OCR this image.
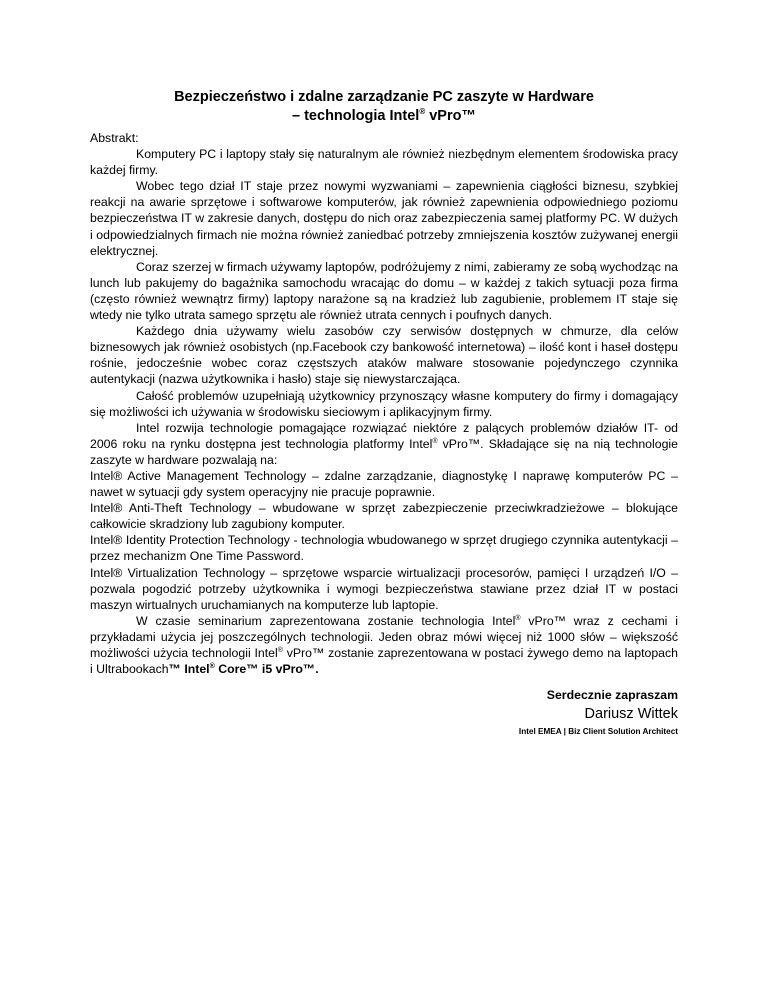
Bezpieczeństwo i zdalne zarządzanie PC zaszyte w Hardware
– technologia Intel® vPro™

Abstrakt:

Komputery PC i laptopy stały się naturalnym ale również niezbędnym elementem środowiska pracy każdej firmy.

Wobec tego dział IT staje przez nowymi wyzwaniami – zapewnienia ciągłości biznesu, szybkiej reakcji na awarie sprzętowe i softwarowe komputerów, jak również zapewnienia odpowiedniego poziomu bezpieczeństwa IT w zakresie danych, dostępu do nich oraz zabezpieczenia samej platformy PC. W dużych i odpowiedzialnych firmach nie można również zaniedbać potrzeby zmniejszenia kosztów zużywanej energii elektrycznej.

Coraz szerzej w firmach używamy laptopów, podróżujemy z nimi, zabieramy ze sobą wychodząc na lunch lub pakujemy do bagażnika samochodu wracając do domu – w każdej z takich sytuacji poza firma (często również wewnątrz firmy) laptopy narażone są na kradzież lub zagubienie, problemem IT staje się wtedy nie tylko utrata samego sprzętu ale również utrata cennych i poufnych danych.

Każdego dnia używamy wielu zasobów czy serwisów dostępnych w chmurze, dla celów biznesowych jak również osobistych (np.Facebook czy bankowość internetowa) – ilość kont i haseł dostępu rośnie, jedocześnie wobec coraz częstszych ataków malware stosowanie pojedynczego czynnika autentykacji (nazwa użytkownika i hasło) staje się niewystarczająca.

Całość problemów uzupełniają użytkownicy przynoszący własne komputery do firmy i domagający się możliwości ich używania w środowisku sieciowym i aplikacyjnym firmy.

Intel rozwija technologie pomagające rozwiązać niektóre z palących problemów działów IT- od 2006 roku na rynku dostępna jest technologia platformy Intel® vPro™. Składające się na nią technologie zaszyte w hardware pozwalają na:

Intel® Active Management Technology – zdalne zarządzanie, diagnostykę I naprawę komputerów PC –nawet w sytuacji gdy system operacyjny nie pracuje poprawnie.

Intel® Anti-Theft Technology – wbudowane w sprzęt zabezpieczenie przeciwkradzieżowe – blokujące całkowicie skradziony lub zagubiony komputer.

Intel® Identity Protection Technology - technologia wbudowanego w sprzęt drugiego czynnika autentykacji – przez mechanizm One Time Password.

Intel® Virtualization Technology – sprzętowe wsparcie wirtualizacji procesorów, pamięci I urządzeń I/O – pozwala pogodzić potrzeby użytkownika i wymogi bezpieczeństwa stawiane przez dział IT w postaci maszyn wirtualnych uruchamianych na komputerze lub laptopie.

W czasie seminarium zaprezentowana zostanie technologia Intel® vPro™ wraz z cechami i przykładami użycia jej poszczególnych technologii. Jeden obraz mówi więcej niż 1000 słów – większość możliwości użycia technologii Intel® vPro™ zostanie zaprezentowana w postaci żywego demo na laptopach i Ultrabookach™ Intel® Core™ i5 vPro™.

Serdecznie zapraszam
Dariusz Wittek
Intel EMEA | Biz Client Solution Architect
